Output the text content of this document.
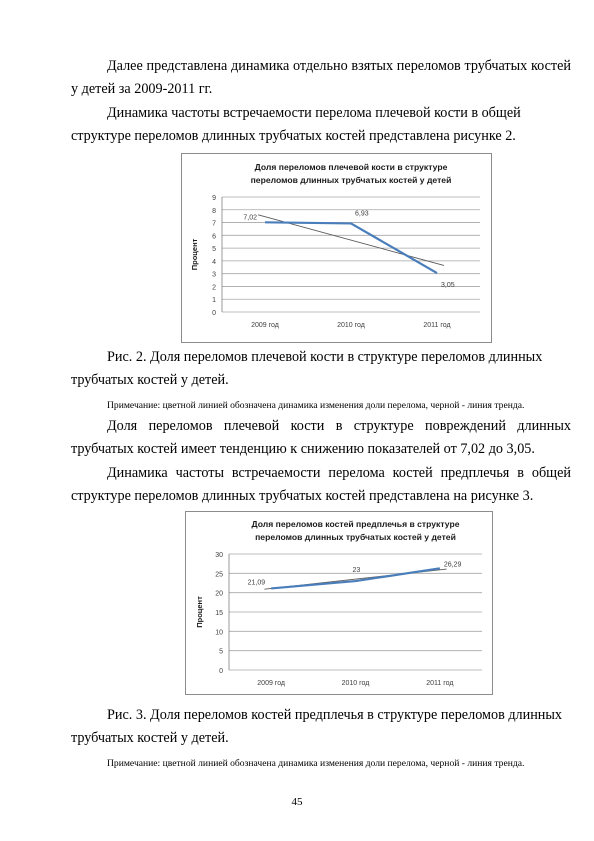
Далее представлена динамика отдельно взятых переломов трубчатых костей
у детей за 2009-2011 гг.
Динамика частоты встречаемости перелома плечевой кости в общей
структуре переломов длинных трубчатых костей представлена рисунке 2.
Доля переломов плечевой кости в структуре
переломов длинных трубчатых костей у детей
0
1
2
3
4
5
6
7
8
9
Процент
2009 год	2010 год	2011 год
7,02
6,93
3,05
Рис. 2. Доля переломов плечевой кости в структуре переломов длинных
трубчатых костей у детей.
Примечание: цветной линией обозначена динамика изменения доли перелома, черной - линия тренда.
Доля переломов плечевой кости в структуре повреждений длинных
трубчатых костей имеет тенденцию к снижению показателей от 7,02 до 3,05.
Динамика частоты встречаемости перелома костей предплечья в общей
структуре переломов длинных трубчатых костей представлена на рисунке 3.
Доля переломов костей предплечья в структуре
переломов длинных трубчатых костей у детей
0
5
10
15
20
25
30
Процент
2009 год	2010 год	2011 год
21,09
23
26,29
Рис. 3. Доля переломов костей предплечья в структуре переломов длинных
трубчатых костей у детей.
Примечание: цветной линией обозначена динамика изменения доли перелома, черной - линия тренда.
45
